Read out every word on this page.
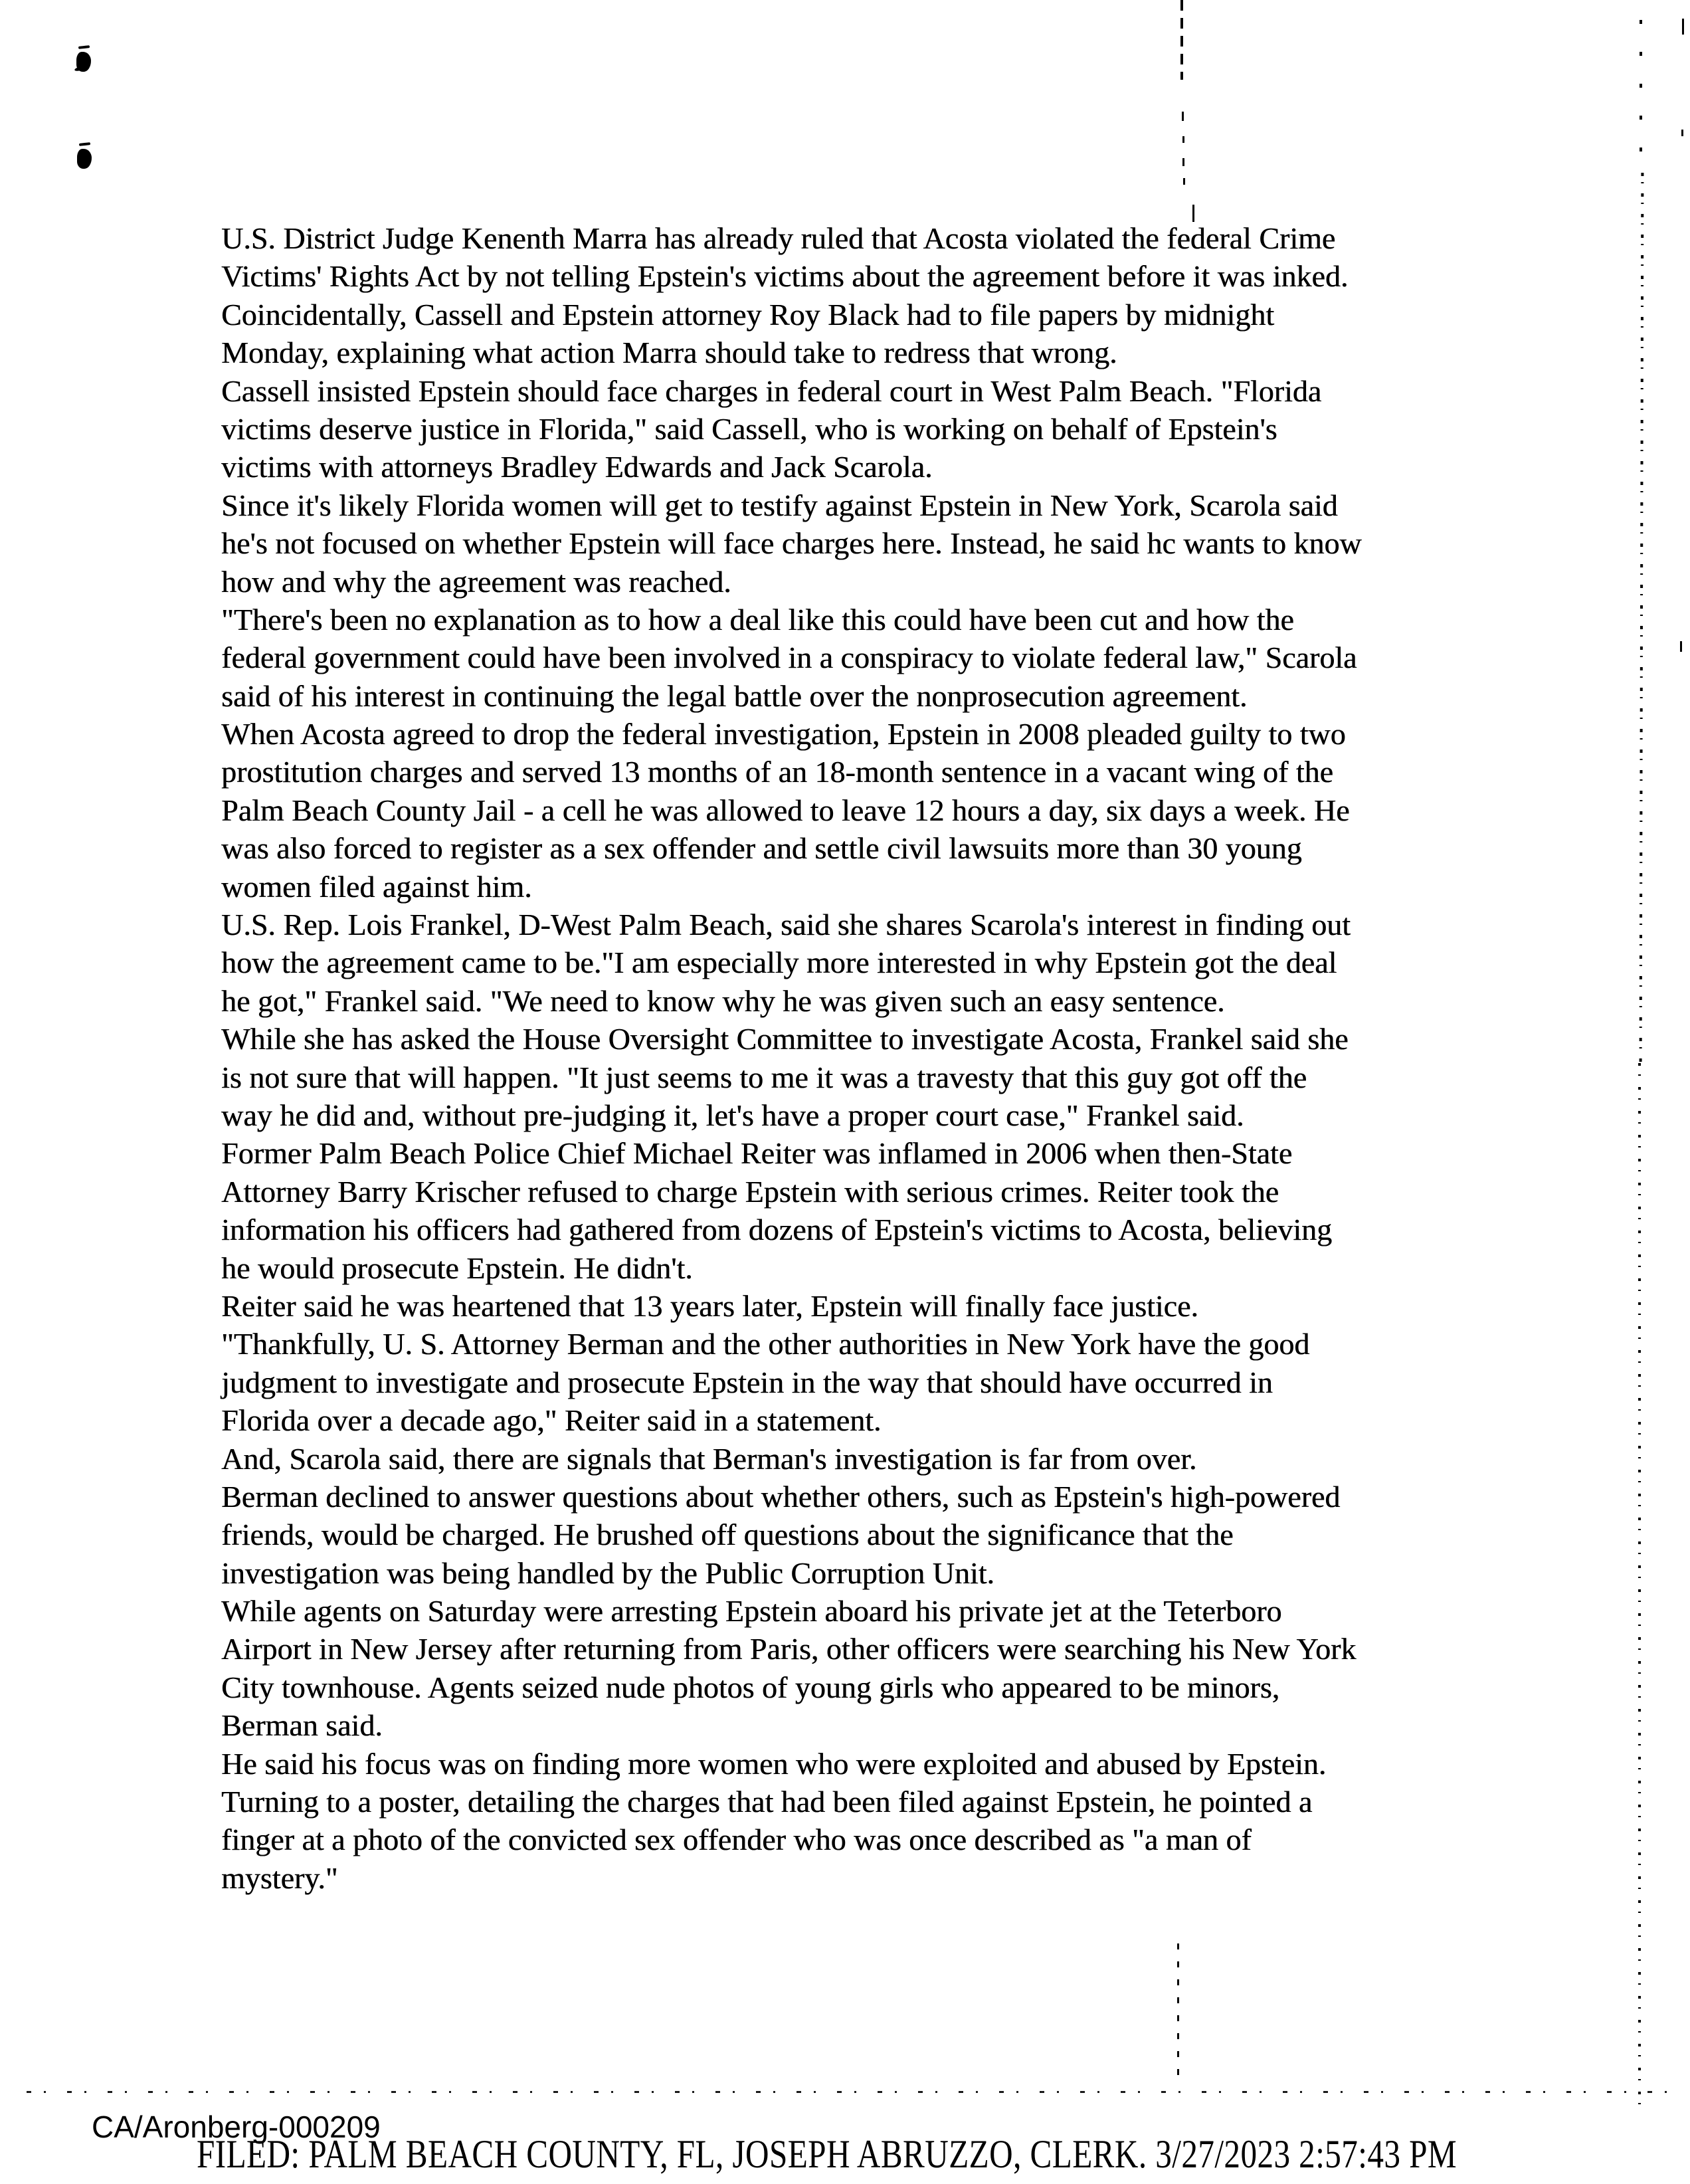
U.S. District Judge Kenenth Marra has already ruled that Acosta violated the federal Crime
Victims' Rights Act by not telling Epstein's victims about the agreement before it was inked.
Coincidentally, Cassell and Epstein attorney Roy Black had to file papers by midnight
Monday, explaining what action Marra should take to redress that wrong.
Cassell insisted Epstein should face charges in federal court in West Palm Beach. "Florida
victims deserve justice in Florida," said Cassell, who is working on behalf of Epstein's
victims with attorneys Bradley Edwards and Jack Scarola.
Since it's likely Florida women will get to testify against Epstein in New York, Scarola said
he's not focused on whether Epstein will face charges here. Instead, he said hc wants to know
how and why the agreement was reached.
"There's been no explanation as to how a deal like this could have been cut and how the
federal government could have been involved in a conspiracy to violate federal law," Scarola
said of his interest in continuing the legal battle over the nonprosecution agreement.
When Acosta agreed to drop the federal investigation, Epstein in 2008 pleaded guilty to two
prostitution charges and served 13 months of an 18-month sentence in a vacant wing of the
Palm Beach County Jail - a cell he was allowed to leave 12 hours a day, six days a week. He
was also forced to register as a sex offender and settle civil lawsuits more than 30 young
women filed against him.
U.S. Rep. Lois Frankel, D-West Palm Beach, said she shares Scarola's interest in finding out
how the agreement came to be."I am especially more interested in why Epstein got the deal
he got," Frankel said. "We need to know why he was given such an easy sentence.
While she has asked the House Oversight Committee to investigate Acosta, Frankel said she
is not sure that will happen. "It just seems to me it was a travesty that this guy got off the
way he did and, without pre-judging it, let's have a proper court case," Frankel said.
Former Palm Beach Police Chief Michael Reiter was inflamed in 2006 when then-State
Attorney Barry Krischer refused to charge Epstein with serious crimes. Reiter took the
information his officers had gathered from dozens of Epstein's victims to Acosta, believing
he would prosecute Epstein. He didn't.
Reiter said he was heartened that 13 years later, Epstein will finally face justice.
"Thankfully, U. S. Attorney Berman and the other authorities in New York have the good
judgment to investigate and prosecute Epstein in the way that should have occurred in
Florida over a decade ago," Reiter said in a statement.
And, Scarola said, there are signals that Berman's investigation is far from over.
Berman declined to answer questions about whether others, such as Epstein's high-powered
friends, would be charged. He brushed off questions about the significance that the
investigation was being handled by the Public Corruption Unit.
While agents on Saturday were arresting Epstein aboard his private jet at the Teterboro
Airport in New Jersey after returning from Paris, other officers were searching his New York
City townhouse. Agents seized nude photos of young girls who appeared to be minors,
Berman said.
He said his focus was on finding more women who were exploited and abused by Epstein.
Turning to a poster, detailing the charges that had been filed against Epstein, he pointed a
finger at a photo of the convicted sex offender who was once described as "a man of
mystery."
CA/Aronberg-000209
FILED: PALM BEACH COUNTY, FL, JOSEPH ABRUZZO, CLERK. 3/27/2023 2:57:43 PM
